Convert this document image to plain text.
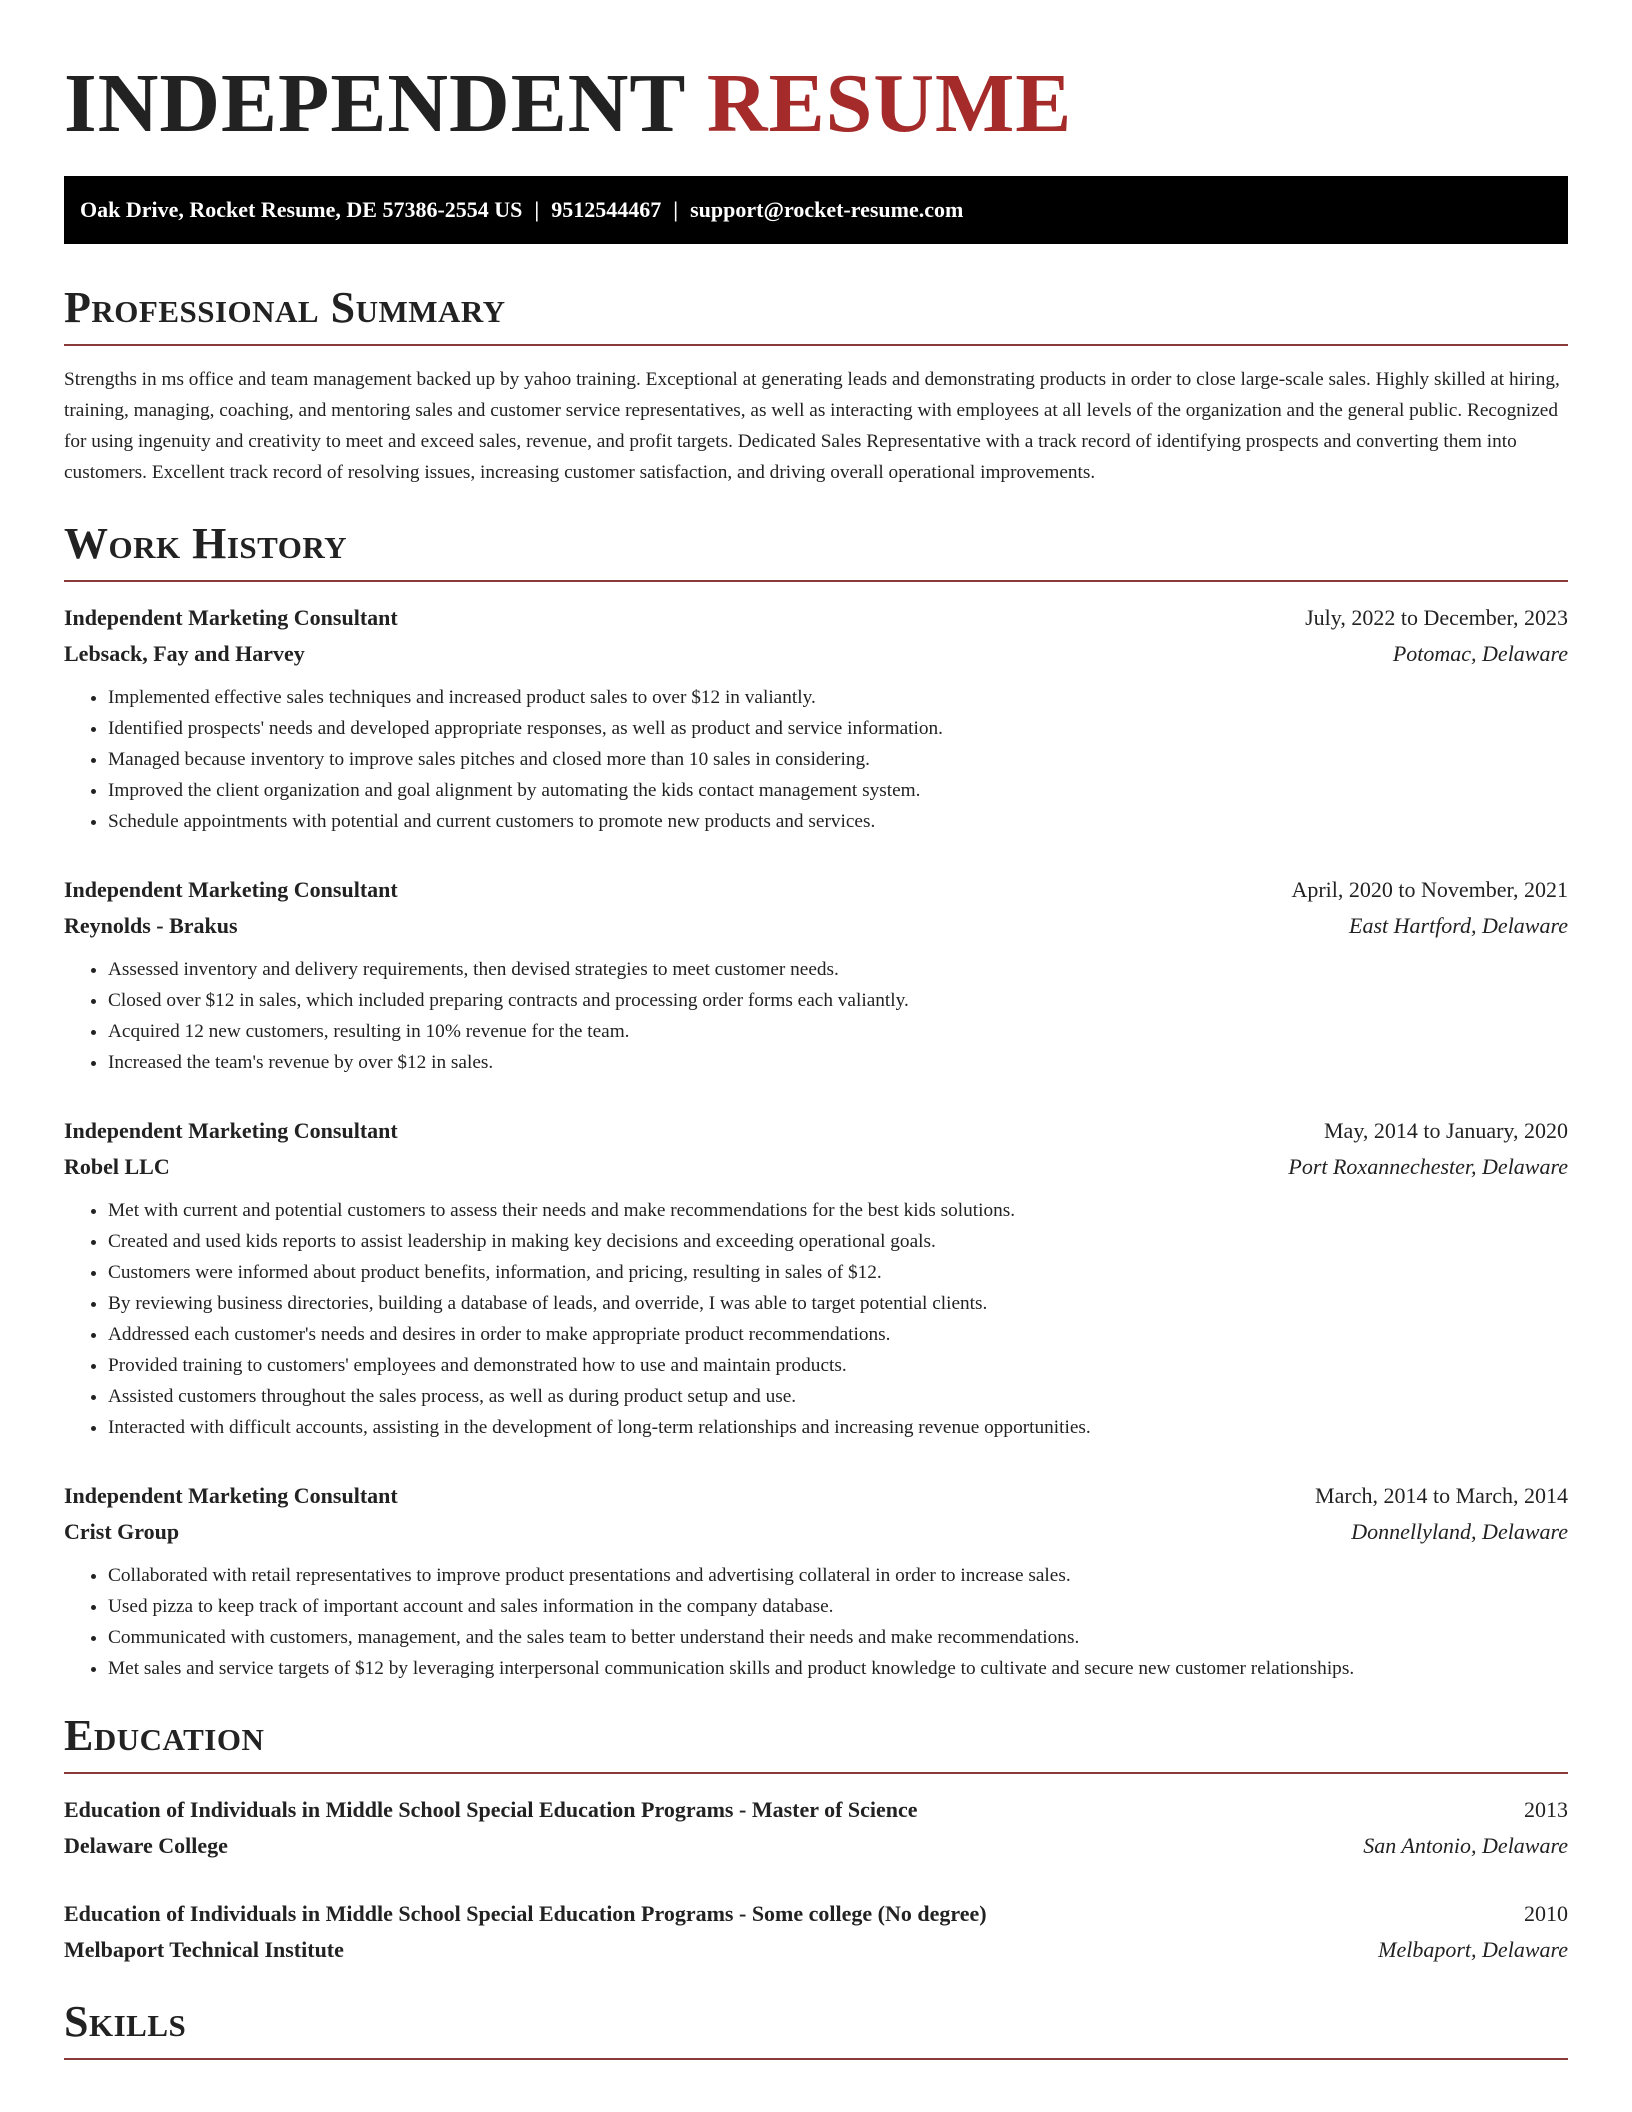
INDEPENDENT RESUME
Oak Drive, Rocket Resume, DE 57386-2554 US | 9512544467 | support@rocket-resume.com
Professional Summary
Strengths in ms office and team management backed up by yahoo training. Exceptional at generating leads and demonstrating products in order to close large-scale sales. Highly skilled at hiring, training, managing, coaching, and mentoring sales and customer service representatives, as well as interacting with employees at all levels of the organization and the general public. Recognized for using ingenuity and creativity to meet and exceed sales, revenue, and profit targets. Dedicated Sales Representative with a track record of identifying prospects and converting them into customers. Excellent track record of resolving issues, increasing customer satisfaction, and driving overall operational improvements.
Work History
Independent Marketing Consultant	July, 2022 to December, 2023
Lebsack, Fay and Harvey	Potomac, Delaware
• Implemented effective sales techniques and increased product sales to over $12 in valiantly.
• Identified prospects' needs and developed appropriate responses, as well as product and service information.
• Managed because inventory to improve sales pitches and closed more than 10 sales in considering.
• Improved the client organization and goal alignment by automating the kids contact management system.
• Schedule appointments with potential and current customers to promote new products and services.
Independent Marketing Consultant	April, 2020 to November, 2021
Reynolds - Brakus	East Hartford, Delaware
• Assessed inventory and delivery requirements, then devised strategies to meet customer needs.
• Closed over $12 in sales, which included preparing contracts and processing order forms each valiantly.
• Acquired 12 new customers, resulting in 10% revenue for the team.
• Increased the team's revenue by over $12 in sales.
Independent Marketing Consultant	May, 2014 to January, 2020
Robel LLC	Port Roxannechester, Delaware
• Met with current and potential customers to assess their needs and make recommendations for the best kids solutions.
• Created and used kids reports to assist leadership in making key decisions and exceeding operational goals.
• Customers were informed about product benefits, information, and pricing, resulting in sales of $12.
• By reviewing business directories, building a database of leads, and override, I was able to target potential clients.
• Addressed each customer's needs and desires in order to make appropriate product recommendations.
• Provided training to customers' employees and demonstrated how to use and maintain products.
• Assisted customers throughout the sales process, as well as during product setup and use.
• Interacted with difficult accounts, assisting in the development of long-term relationships and increasing revenue opportunities.
Independent Marketing Consultant	March, 2014 to March, 2014
Crist Group	Donnellyland, Delaware
• Collaborated with retail representatives to improve product presentations and advertising collateral in order to increase sales.
• Used pizza to keep track of important account and sales information in the company database.
• Communicated with customers, management, and the sales team to better understand their needs and make recommendations.
• Met sales and service targets of $12 by leveraging interpersonal communication skills and product knowledge to cultivate and secure new customer relationships.
Education
Education of Individuals in Middle School Special Education Programs - Master of Science	2013
Delaware College	San Antonio, Delaware
Education of Individuals in Middle School Special Education Programs - Some college (No degree)	2010
Melbaport Technical Institute	Melbaport, Delaware
Skills
